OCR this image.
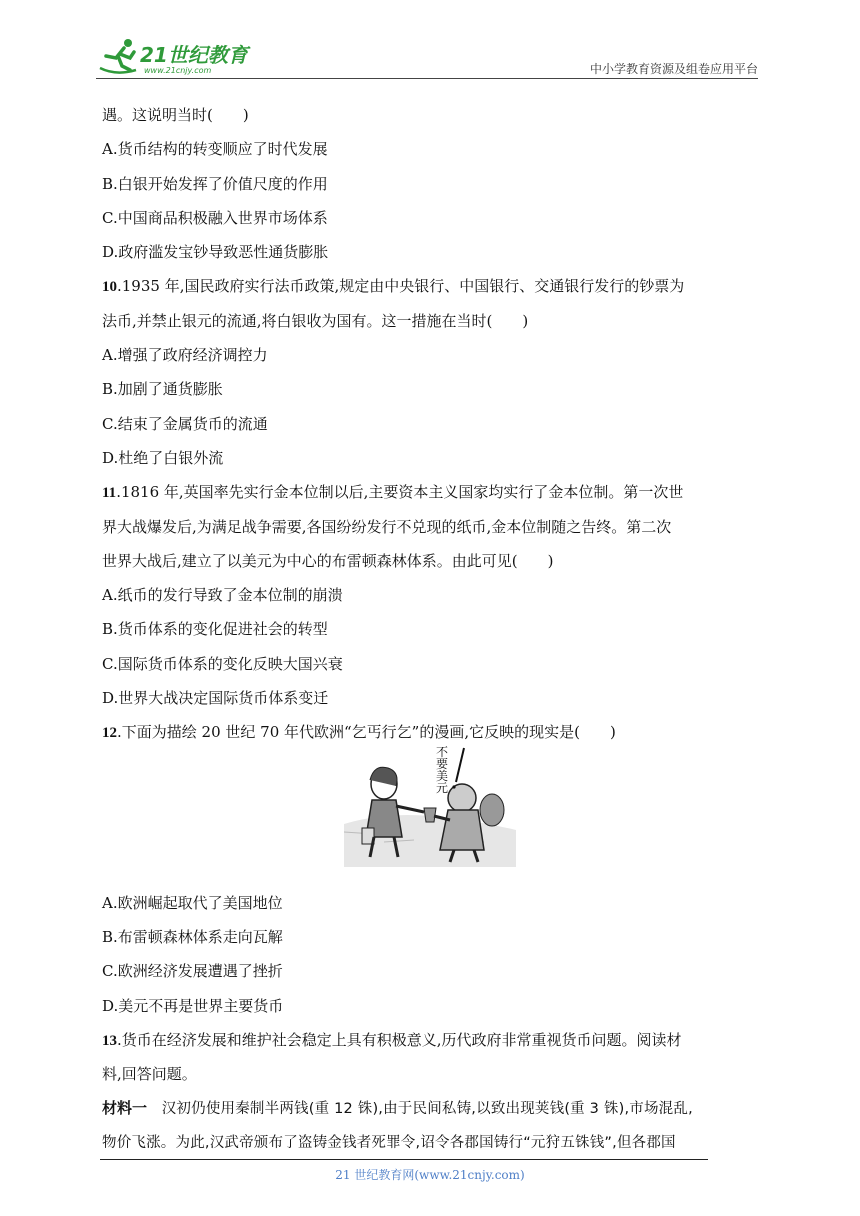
21世纪教育
www.21cnjy.com	中小学教育资源及组卷应用平台
遇。这说明当时(　　)
A.货币结构的转变顺应了时代发展
B.白银开始发挥了价值尺度的作用
C.中国商品积极融入世界市场体系
D.政府滥发宝钞导致恶性通货膨胀
10.1935 年,国民政府实行法币政策,规定由中央银行、中国银行、交通银行发行的钞票为
法币,并禁止银元的流通,将白银收为国有。这一措施在当时(　　)
A.增强了政府经济调控力
B.加剧了通货膨胀
C.结束了金属货币的流通
D.杜绝了白银外流
11.1816 年,英国率先实行金本位制以后,主要资本主义国家均实行了金本位制。第一次世
界大战爆发后,为满足战争需要,各国纷纷发行不兑现的纸币,金本位制随之告终。第二次
世界大战后,建立了以美元为中心的布雷顿森林体系。由此可见(　　)
A.纸币的发行导致了金本位制的崩溃
B.货币体系的变化促进社会的转型
C.国际货币体系的变化反映大国兴衰
D.世界大战决定国际货币体系变迁
12.下面为描绘 20 世纪 70 年代欧洲“乞丐行乞”的漫画,它反映的现实是(　　)
A.欧洲崛起取代了美国地位
B.布雷顿森林体系走向瓦解
C.欧洲经济发展遭遇了挫折
D.美元不再是世界主要货币
13.货币在经济发展和维护社会稳定上具有积极意义,历代政府非常重视货币问题。阅读材
料,回答问题。
材料一　汉初仍使用秦制半两钱(重 12 铢),由于民间私铸,以致出现荚钱(重 3 铢),市场混乱,
物价飞涨。为此,汉武帝颁布了盗铸金钱者死罪令,诏令各郡国铸行“元狩五铢钱”,但各郡国
不
要
美
元
21 世纪教育网(www.21cnjy.com)
